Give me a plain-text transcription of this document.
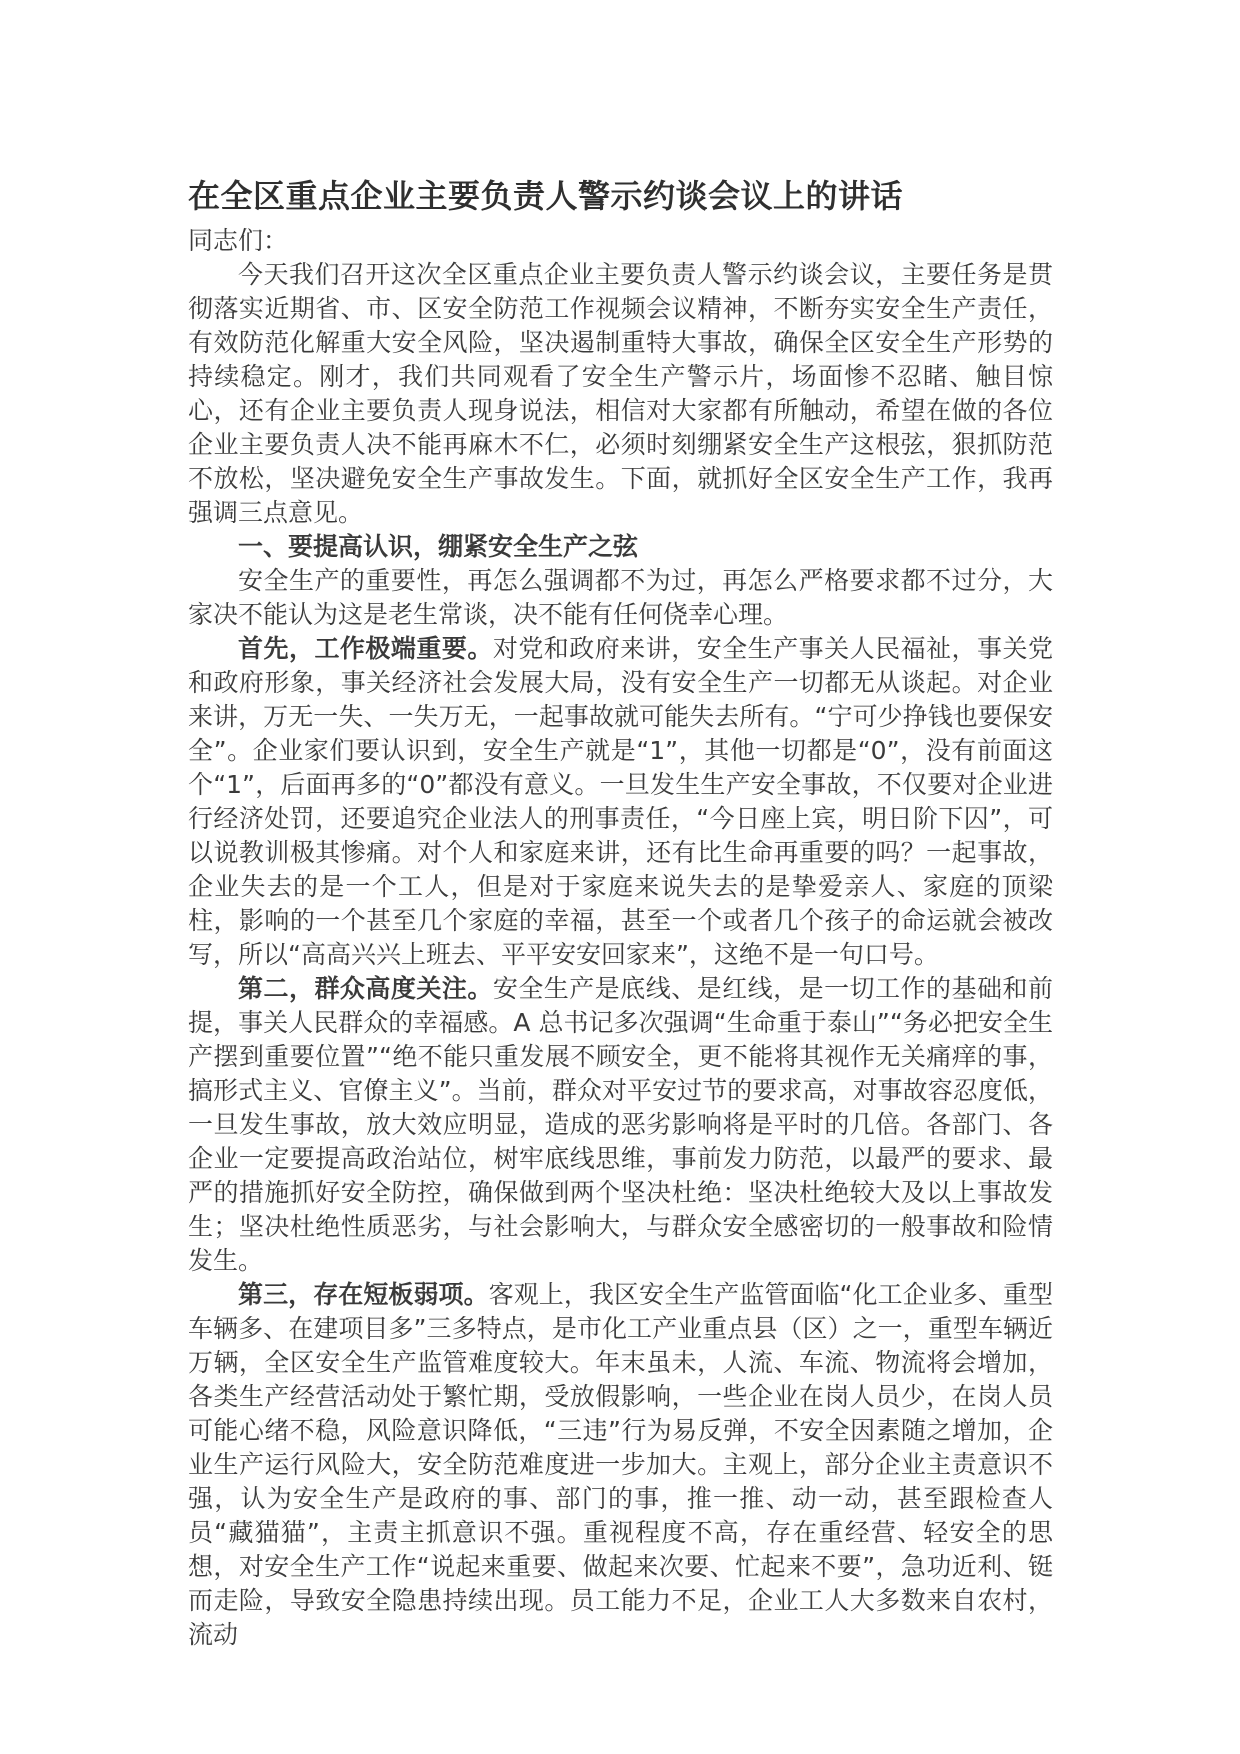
在全区重点企业主要负责人警示约谈会议上的讲话

同志们：

今天我们召开这次全区重点企业主要负责人警示约谈会议，主要任务是贯彻落实近期省、市、区安全防范工作视频会议精神，不断夯实安全生产责任，有效防范化解重大安全风险，坚决遏制重特大事故，确保全区安全生产形势的持续稳定。刚才，我们共同观看了安全生产警示片，场面惨不忍睹、触目惊心，还有企业主要负责人现身说法，相信对大家都有所触动，希望在做的各位企业主要负责人决不能再麻木不仁，必须时刻绷紧安全生产这根弦，狠抓防范不放松，坚决避免安全生产事故发生。下面，就抓好全区安全生产工作，我再强调三点意见。

一、要提高认识，绷紧安全生产之弦

安全生产的重要性，再怎么强调都不为过，再怎么严格要求都不过分，大家决不能认为这是老生常谈，决不能有任何侥幸心理。

首先，工作极端重要。对党和政府来讲，安全生产事关人民福祉，事关党和政府形象，事关经济社会发展大局，没有安全生产一切都无从谈起。对企业来讲，万无一失、一失万无，一起事故就可能失去所有。“宁可少挣钱也要保安全”。企业家们要认识到，安全生产就是“1”，其他一切都是“0”，没有前面这个“1”，后面再多的“0”都没有意义。一旦发生生产安全事故，不仅要对企业进行经济处罚，还要追究企业法人的刑事责任，“今日座上宾，明日阶下囚”，可以说教训极其惨痛。对个人和家庭来讲，还有比生命再重要的吗？一起事故，企业失去的是一个工人，但是对于家庭来说失去的是挚爱亲人、家庭的顶梁柱，影响的一个甚至几个家庭的幸福，甚至一个或者几个孩子的命运就会被改写，所以“高高兴兴上班去、平平安安回家来”，这绝不是一句口号。

第二，群众高度关注。安全生产是底线、是红线，是一切工作的基础和前提，事关人民群众的幸福感。A 总书记多次强调“生命重于泰山”“务必把安全生产摆到重要位置”“绝不能只重发展不顾安全，更不能将其视作无关痛痒的事，搞形式主义、官僚主义”。当前，群众对平安过节的要求高，对事故容忍度低，一旦发生事故，放大效应明显，造成的恶劣影响将是平时的几倍。各部门、各企业一定要提高政治站位，树牢底线思维，事前发力防范，以最严的要求、最严的措施抓好安全防控，确保做到两个坚决杜绝：坚决杜绝较大及以上事故发生；坚决杜绝性质恶劣，与社会影响大，与群众安全感密切的一般事故和险情发生。

第三，存在短板弱项。客观上，我区安全生产监管面临“化工企业多、重型车辆多、在建项目多”三多特点，是市化工产业重点县（区）之一，重型车辆近万辆，全区安全生产监管难度较大。年末虽未，人流、车流、物流将会增加，各类生产经营活动处于繁忙期，受放假影响，一些企业在岗人员少，在岗人员可能心绪不稳，风险意识降低，“三违”行为易反弹，不安全因素随之增加，企业生产运行风险大，安全防范难度进一步加大。主观上，部分企业主责意识不强，认为安全生产是政府的事、部门的事，推一推、动一动，甚至跟检查人员“藏猫猫”，主责主抓意识不强。重视程度不高，存在重经营、轻安全的思想，对安全生产工作“说起来重要、做起来次要、忙起来不要”，急功近利、铤而走险，导致安全隐患持续出现。员工能力不足，企业工人大多数来自农村，流动
